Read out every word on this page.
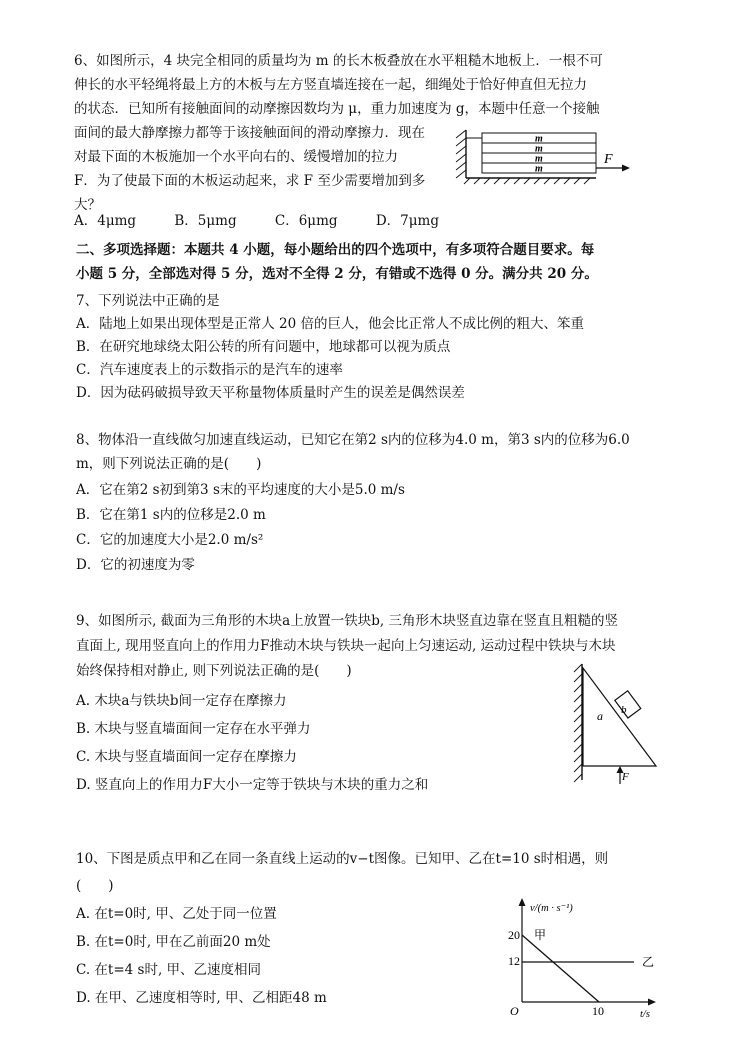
6、如图所示，4 块完全相同的质量均为 m 的长木板叠放在水平粗糙木地板上．一根不可
伸长的水平轻绳将最上方的木板与左方竖直墙连接在一起，细绳处于恰好伸直但无拉力
的状态．已知所有接触面间的动摩擦因数均为 μ，重力加速度为 g，本题中任意一个接触
面间的最大静摩擦力都等于该接触面间的滑动摩擦力．现在
对最下面的木板施加一个水平向右的、缓慢增加的拉力
F．为了使最下面的木板运动起来，求 F 至少需要增加到多
大？
A．4μmg	B．5μmg	C．6μmg	D．7μmg
m
m
m
m
F
二、多项选择题：本题共 4 小题，每小题给出的四个选项中，有多项符合题目要求。每
小题 5 分，全部选对得 5 分，选对不全得 2 分，有错或不选得 0 分。满分共 20 分。
7、下列说法中正确的是
A．陆地上如果出现体型是正常人 20 倍的巨人，他会比正常人不成比例的粗大、笨重
B．在研究地球绕太阳公转的所有问题中，地球都可以视为质点
C．汽车速度表上的示数指示的是汽车的速率
D．因为砝码破损导致天平称量物体质量时产生的误差是偶然误差
8、物体沿一直线做匀加速直线运动，已知它在第2 s内的位移为4.0 m，第3 s内的位移为6.0
m，则下列说法正确的是(　　)
A．它在第2 s初到第3 s末的平均速度的大小是5.0 m/s
B．它在第1 s内的位移是2.0 m
C．它的加速度大小是2.0 m/s²
D．它的初速度为零
9、如图所示, 截面为三角形的木块a上放置一铁块b, 三角形木块竖直边靠在竖直且粗糙的竖
直面上, 现用竖直向上的作用力F推动木块与铁块一起向上匀速运动, 运动过程中铁块与木块
始终保持相对静止, 则下列说法正确的是(　　)
A. 木块a与铁块b间一定存在摩擦力
B. 木块与竖直墙面间一定存在水平弹力
C. 木块与竖直墙面间一定存在摩擦力
D. 竖直向上的作用力F大小一定等于铁块与木块的重力之和
a b
F
10、下图是质点甲和乙在同一条直线上运动的v−t图像。已知甲、乙在t=10 s时相遇，则
(　　)
A. 在t=0时, 甲、乙处于同一位置
B. 在t=0时, 甲在乙前面20 m处
C. 在t=4 s时, 甲、乙速度相同
D. 在甲、乙速度相等时, 甲、乙相距48 m
v/(m · s⁻¹)
t/s
O
20
12
10
甲
乙
